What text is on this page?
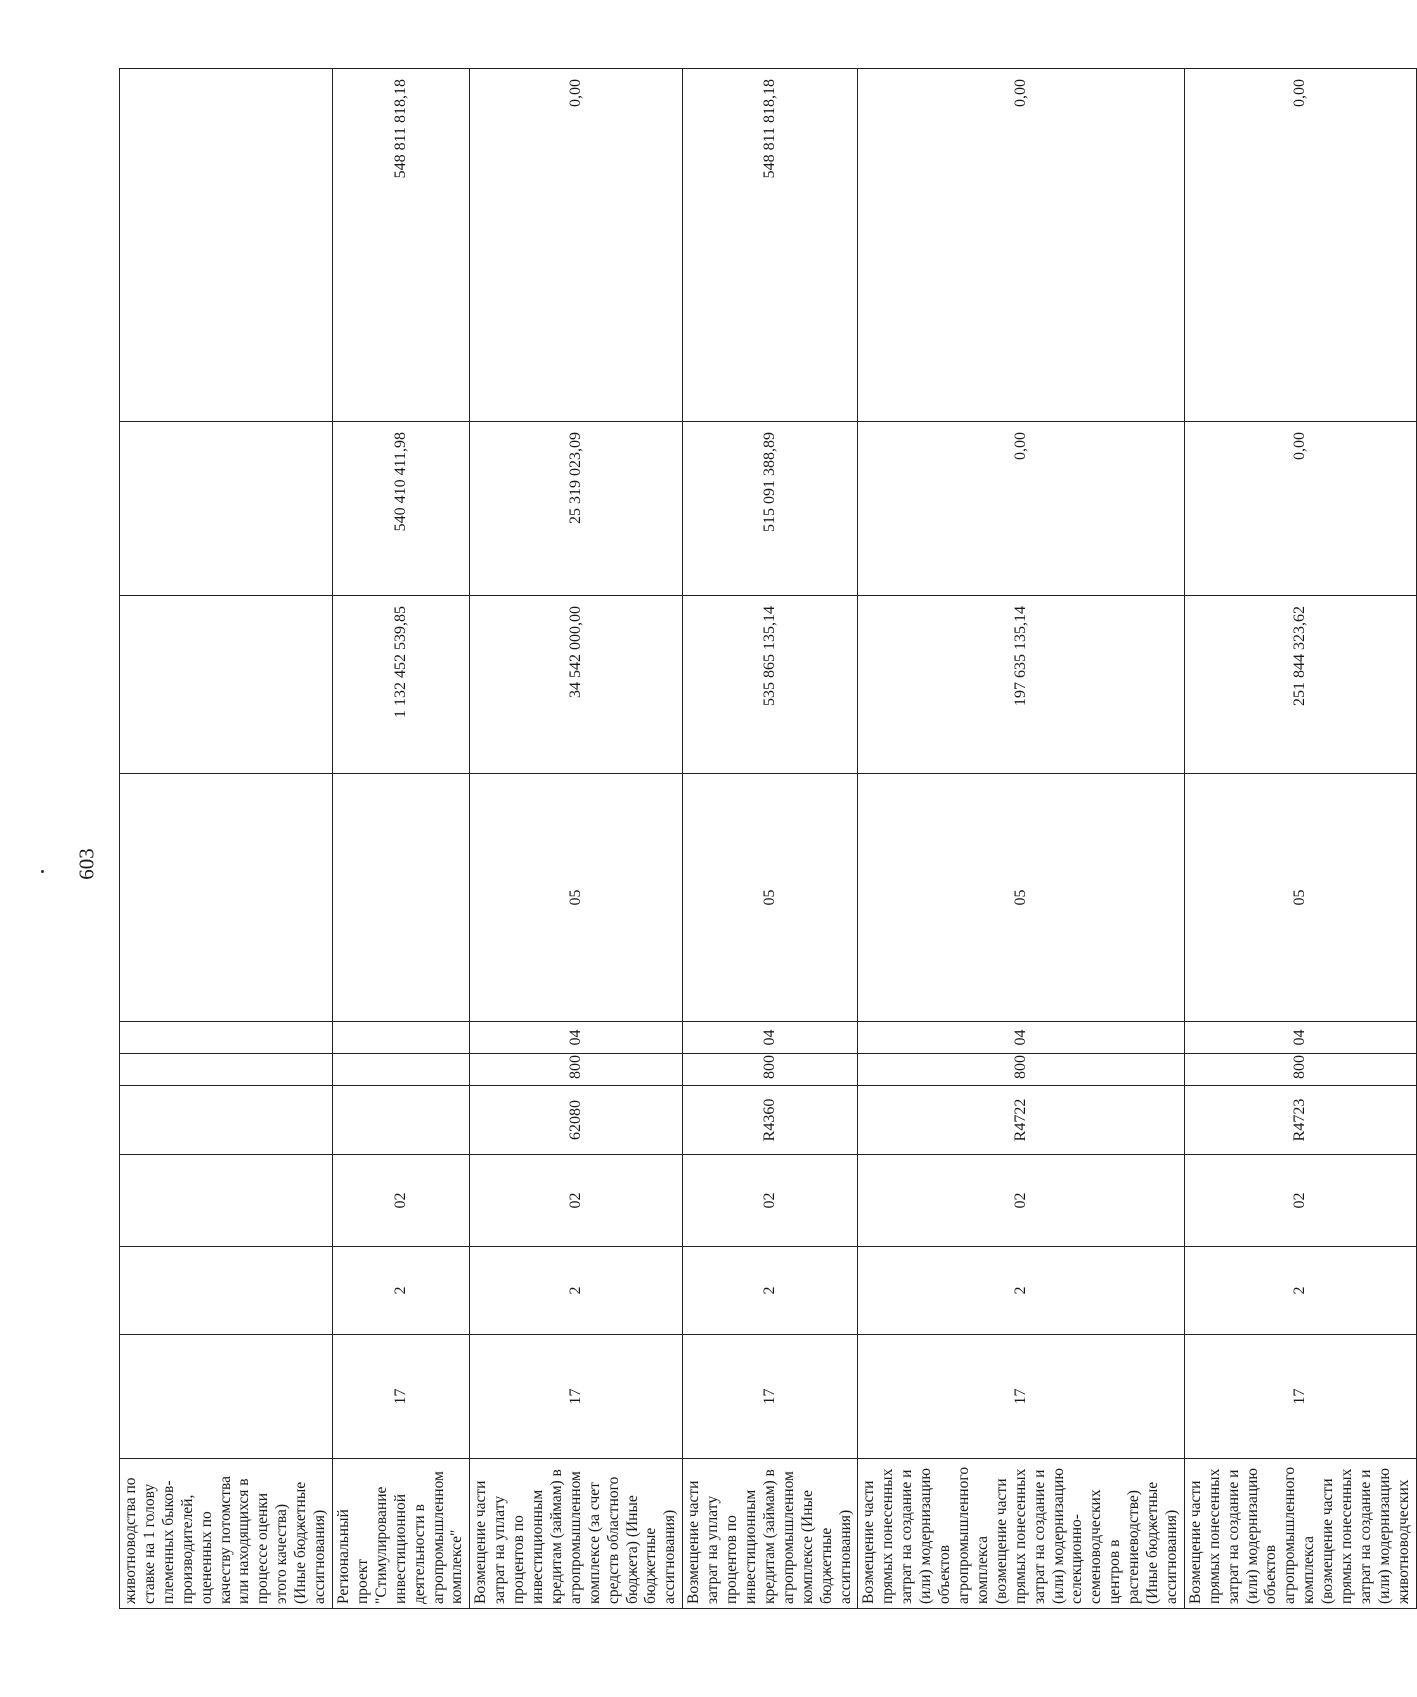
603
животноводства по ставке на 1 голову племенных быков-производителей, оцененных по качеству потомства или находящихся в процессе оценки этого качества) (Иные бюджетные ассигнования)										
Региональный проект "Стимулирование инвестиционной деятельности в агропромышленном комплексе"	17	2	02					1 132 452 539,85	540 410 411,98	548 811 818,18
Возмещение части затрат на уплату процентов по инвестиционным кредитам (займам) в агропромышленном комплексе (за счет средств областного бюджета) (Иные бюджетные ассигнования)	17	2	02	62080	800	04	05	34 542 000,00	25 319 023,09	0,00
Возмещение части затрат на уплату процентов по инвестиционным кредитам (займам) в агропромышленном комплексе (Иные бюджетные ассигнования)	17	2	02	R4360	800	04	05	535 865 135,14	515 091 388,89	548 811 818,18
Возмещение части прямых понесенных затрат на создание и (или) модернизацию объектов агропромышленного комплекса (возмещение части прямых понесенных затрат на создание и (или) модернизацию селекционно-семеноводческих центров в растениеводстве) (Иные бюджетные ассигнования)	17	2	02	R4722	800	04	05	197 635 135,14	0,00	0,00
Возмещение части прямых понесенных затрат на создание и (или) модернизацию объектов агропромышленного комплекса (возмещение части прямых понесенных затрат на создание и (или) модернизацию животноводческих	17	2	02	R4723	800	04	05	251 844 323,62	0,00	0,00
